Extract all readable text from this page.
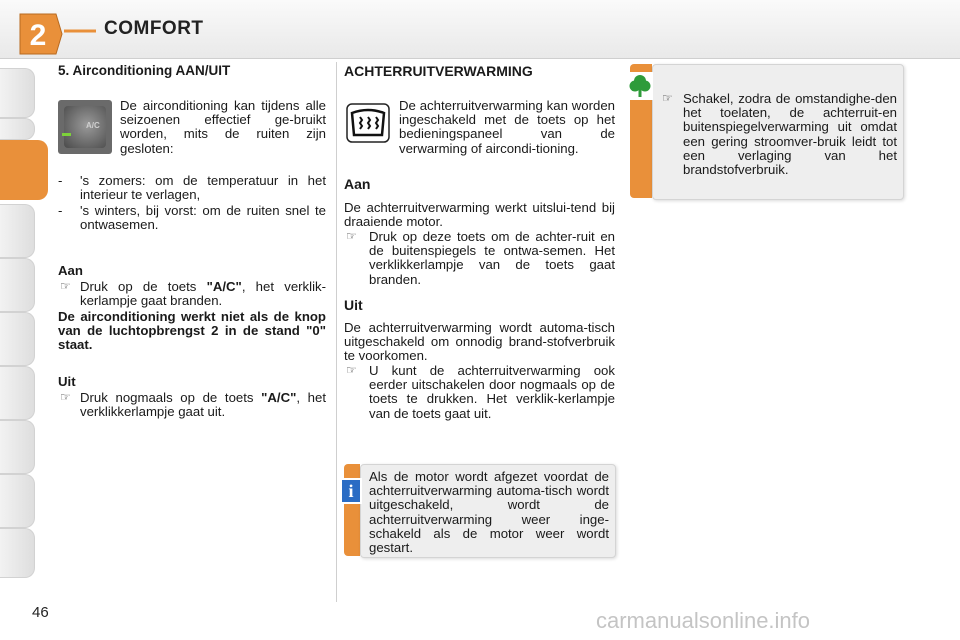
2	COMFORT
5. Airconditioning AAN/UIT
A/C
De airconditioning kan tijdens alle seizoenen effectief ge-bruikt worden, mits de ruiten zijn gesloten:
- 's zomers: om de temperatuur in het interieur te verlagen,
- 's winters, bij vorst: om de ruiten snel te ontwasemen.
Aan
☞ Druk op de toets "A/C", het verklik-kerlampje gaat branden.
De airconditioning werkt niet als de knop van de luchtopbrengst 2 in de stand "0" staat.
Uit
☞ Druk nogmaals op de toets "A/C", het verklikkerlampje gaat uit.
ACHTERRUITVERWARMING
De achterruitverwarming kan worden ingeschakeld met de toets op het bedieningspaneel van de verwarming of aircondi-tioning.
Aan
De achterruitverwarming werkt uitslui-tend bij draaiende motor.
☞ Druk op deze toets om de achter-ruit en de buitenspiegels te ontwa-semen. Het verklikkerlampje van de toets gaat branden.
Uit
De achterruitverwarming wordt automa-tisch uitgeschakeld om onnodig brand-stofverbruik te voorkomen.
☞ U kunt de achterruitverwarming ook eerder uitschakelen door nogmaals op de toets te drukken. Het verklik-kerlampje van de toets gaat uit.
i
Als de motor wordt afgezet voordat de achterruitverwarming automa-tisch wordt uitgeschakeld, wordt de achterruitverwarming weer inge-schakeld als de motor weer wordt gestart.
☞ Schakel, zodra de omstandighe-den het toelaten, de achterruit-en buitenspiegelverwarming uit omdat een gering stroomver-bruik leidt tot een verlaging van het brandstofverbruik.
46	carmanualsonline.info
